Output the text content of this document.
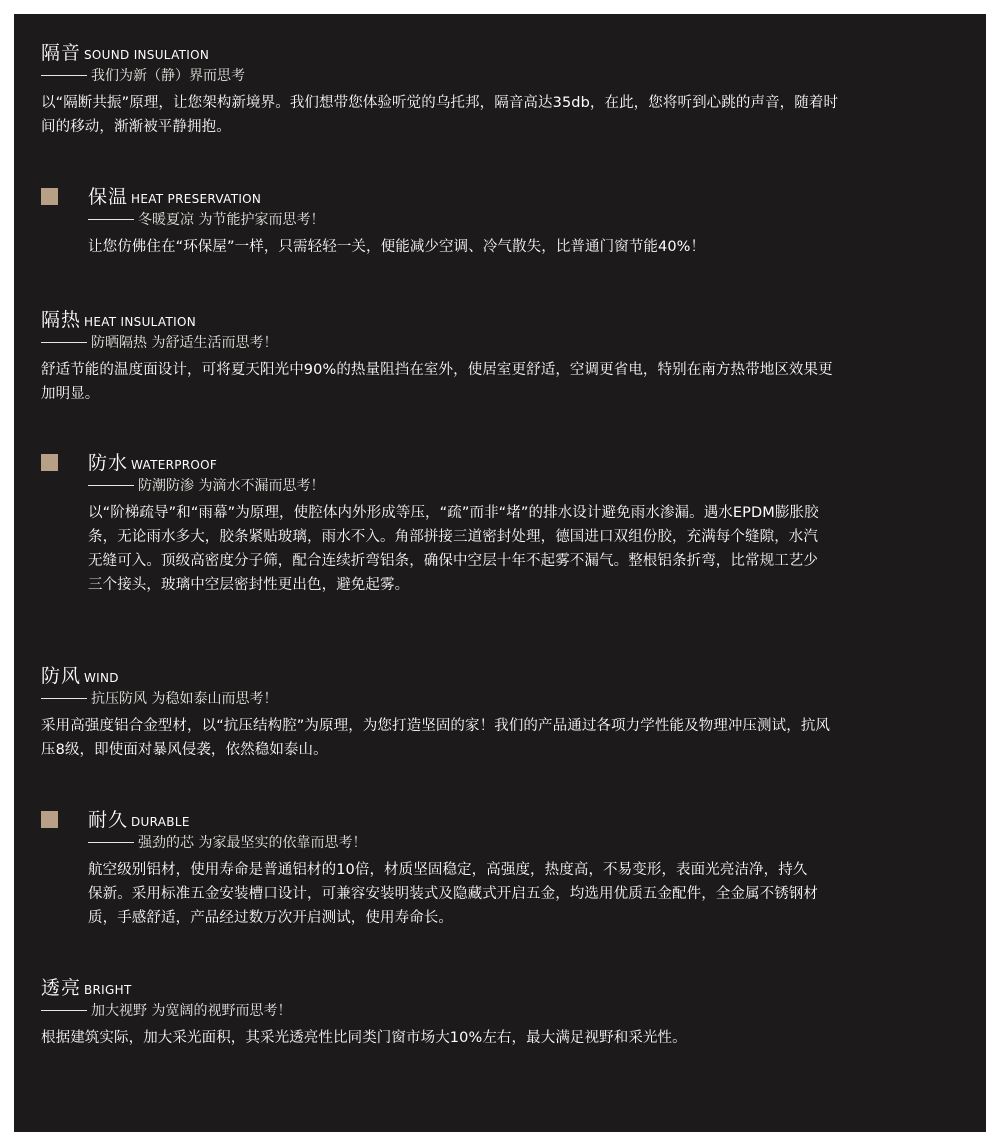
隔音 SOUND INSULATION
我们为新（静）界而思考
以“隔断共振”原理，让您架构新境界。我们想带您体验听觉的乌托邦，隔音高达35db，在此，您将听到心跳的声音，随着时间的移动，渐渐被平静拥抱。
保温 HEAT PRESERVATION
冬暖夏凉 为节能护家而思考！
让您仿佛住在“环保屋”一样，只需轻轻一关，便能减少空调、冷气散失，比普通门窗节能40%！
隔热 HEAT INSULATION
防晒隔热 为舒适生活而思考！
舒适节能的温度面设计，可将夏天阳光中90%的热量阻挡在室外，使居室更舒适，空调更省电，特别在南方热带地区效果更加明显。
防水 WATERPROOF
防潮防渗 为滴水不漏而思考！
以“阶梯疏导”和“雨幕”为原理，使腔体内外形成等压，“疏”而非“堵”的排水设计避免雨水渗漏。遇水EPDM膨胀胶条，无论雨水多大，胶条紧贴玻璃，雨水不入。角部拼接三道密封处理，德国进口双组份胶，充满每个缝隙，水汽无缝可入。顶级高密度分子筛，配合连续折弯铝条，确保中空层十年不起雾不漏气。整根铝条折弯，比常规工艺少三个接头，玻璃中空层密封性更出色，避免起雾。
防风 WIND
抗压防风 为稳如泰山而思考！
采用高强度铝合金型材，以“抗压结构腔”为原理，为您打造坚固的家！我们的产品通过各项力学性能及物理冲压测试，抗风压8级，即使面对暴风侵袭，依然稳如泰山。
耐久 DURABLE
强劲的芯 为家最坚实的依靠而思考！
航空级别铝材，使用寿命是普通铝材的10倍，材质坚固稳定，高强度，热度高，不易变形，表面光亮洁净，持久保新。采用标准五金安装槽口设计，可兼容安装明装式及隐藏式开启五金，均选用优质五金配件，全金属不锈钢材质，手感舒适，产品经过数万次开启测试，使用寿命长。
透亮 BRIGHT
加大视野 为宽阔的视野而思考！
根据建筑实际，加大采光面积，其采光透亮性比同类门窗市场大10%左右，最大满足视野和采光性。
